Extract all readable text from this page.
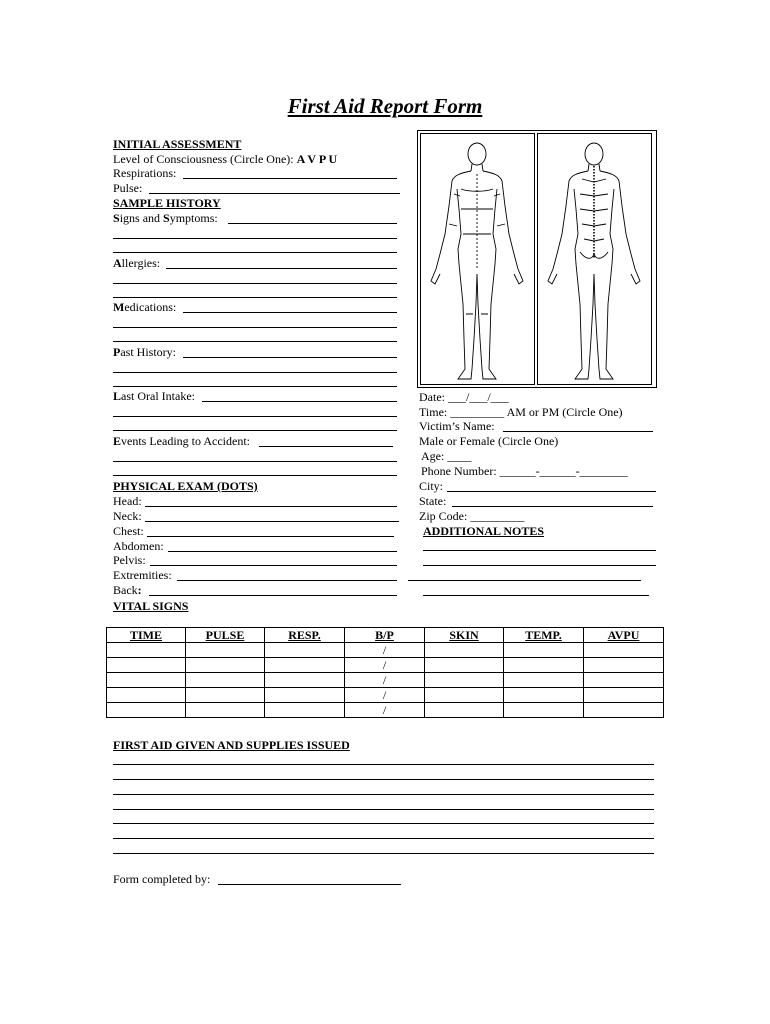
First Aid Report Form
INITIAL ASSESSMENT
Level of Consciousness (Circle One): A V P U
Respirations:
Pulse:
SAMPLE HISTORY
Signs and Symptoms:
Allergies:
Medications:
Past History:
Last Oral Intake:
Events Leading to Accident:
PHYSICAL EXAM (DOTS)
Head:
Neck:
Chest:
Abdomen:
Pelvis:
Extremities:
Back:
VITAL SIGNS
Date: ___/___/___
Time: _________ AM or PM (Circle One)
Victim’s Name:
Male or Female (Circle One)
Age: ____
Phone Number: ______-______-________
City:
State:
Zip Code: _________
ADDITIONAL NOTES
TIME	PULSE	RESP.	B/P	SKIN	TEMP.	AVPU
			/			
			/			
			/			
			/			
			/			
FIRST AID GIVEN AND SUPPLIES ISSUED
Form completed by:
